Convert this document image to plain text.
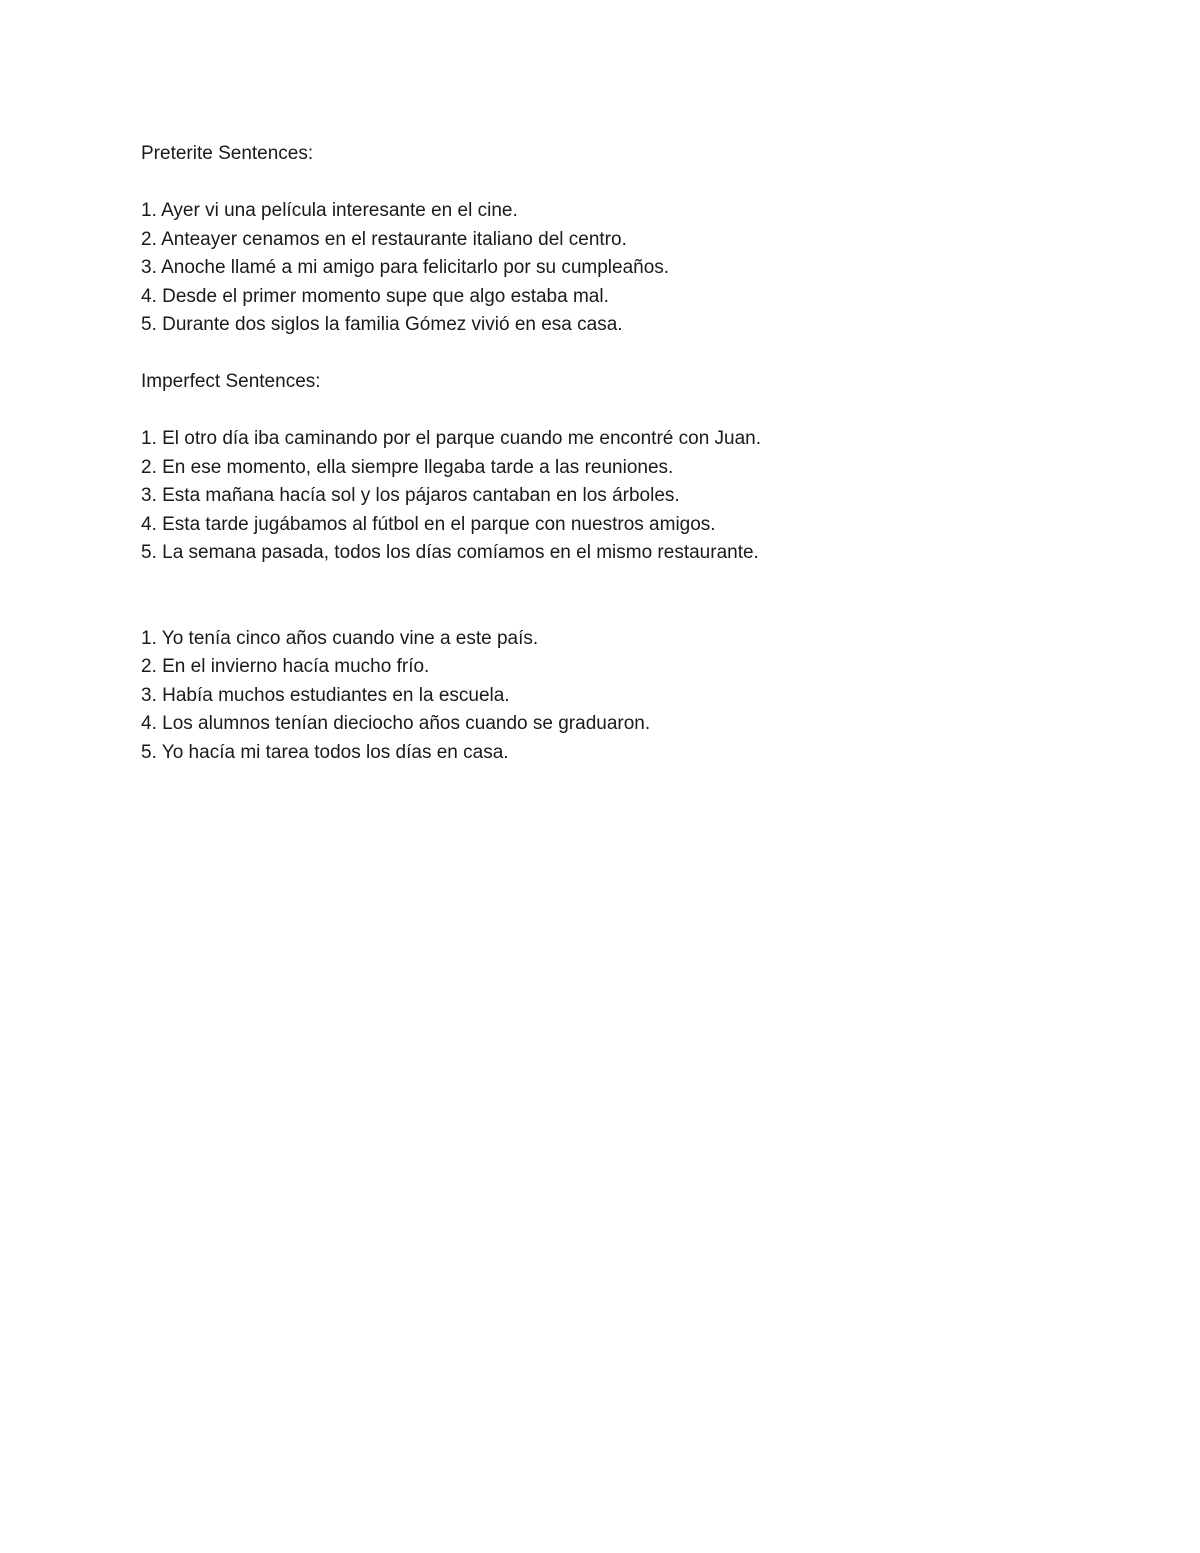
Preterite Sentences:

1. Ayer vi una película interesante en el cine.
2. Anteayer cenamos en el restaurante italiano del centro.
3. Anoche llamé a mi amigo para felicitarlo por su cumpleaños.
4. Desde el primer momento supe que algo estaba mal.
5. Durante dos siglos la familia Gómez vivió en esa casa.

Imperfect Sentences:

1. El otro día iba caminando por el parque cuando me encontré con Juan.
2. En ese momento, ella siempre llegaba tarde a las reuniones.
3. Esta mañana hacía sol y los pájaros cantaban en los árboles.
4. Esta tarde jugábamos al fútbol en el parque con nuestros amigos.
5. La semana pasada, todos los días comíamos en el mismo restaurante.
1. Yo tenía cinco años cuando vine a este país.
2. En el invierno hacía mucho frío.
3. Había muchos estudiantes en la escuela.
4. Los alumnos tenían dieciocho años cuando se graduaron.
5. Yo hacía mi tarea todos los días en casa.
